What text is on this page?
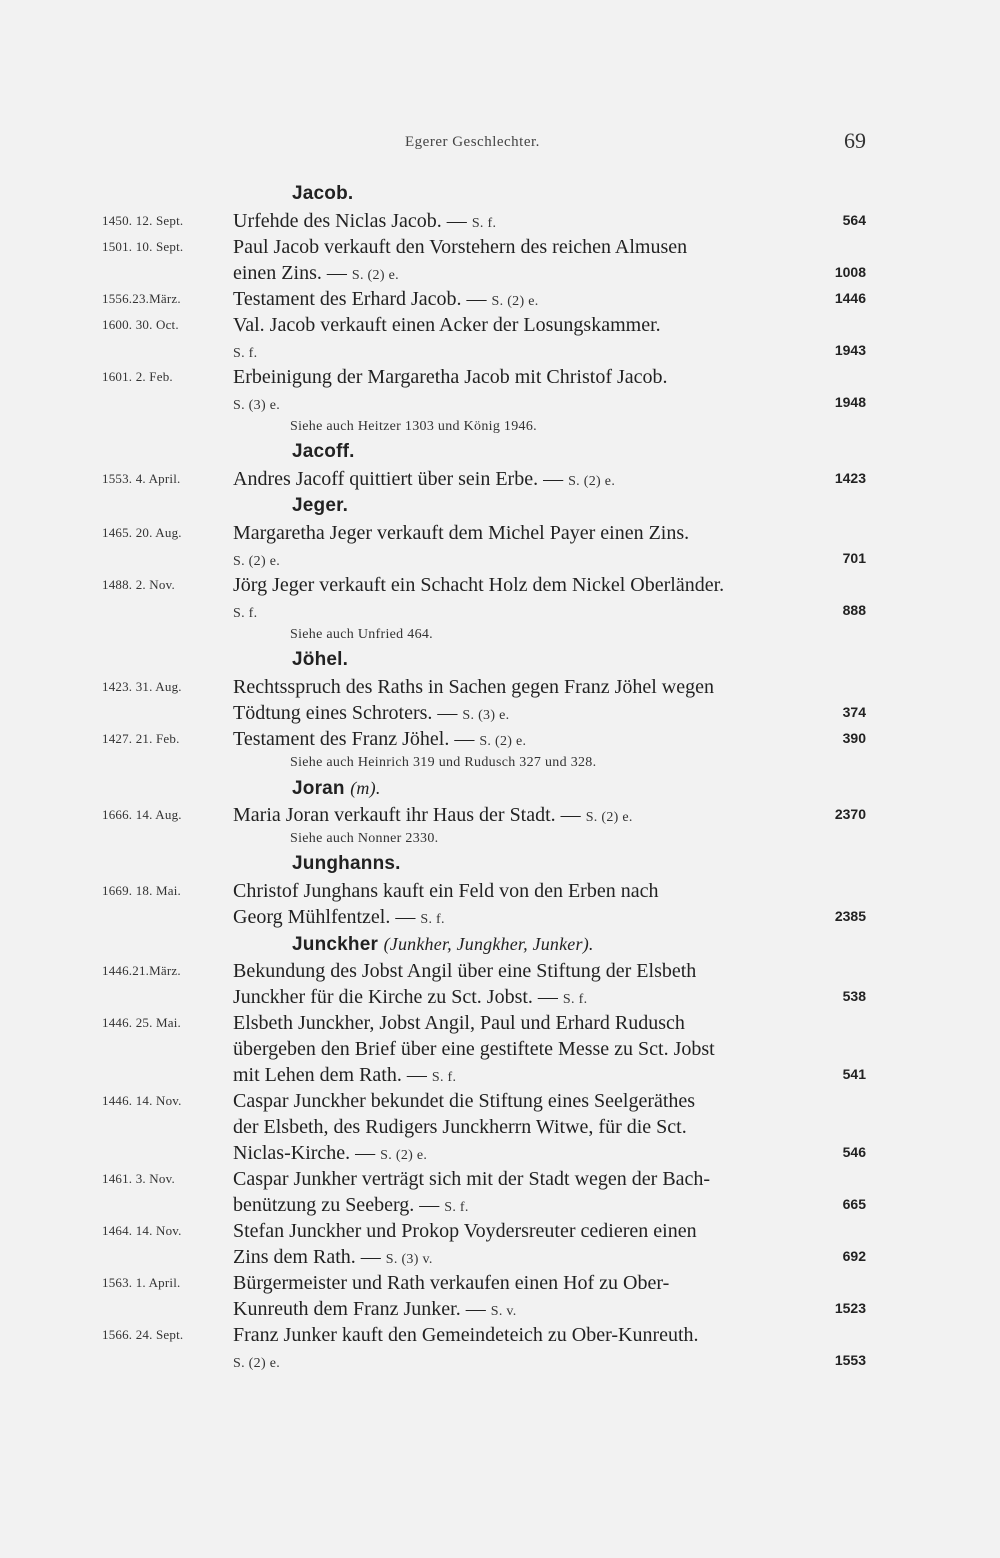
Egerer Geschlechter.	69
Jacob.
1450. 12. Sept.	Urfehde des Niclas Jacob. — S. f.	564
1501. 10. Sept.	Paul Jacob verkauft den Vorstehern des reichen Almusen
einen Zins. — S. (2) e.	1008
1556.23.März.	Testament des Erhard Jacob. — S. (2) e.	1446
1600. 30. Oct.	Val. Jacob verkauft einen Acker der Losungskammer.
S. f.	1943
1601. 2. Feb.	Erbeinigung der Margaretha Jacob mit Christof Jacob.
S. (3) e.	1948
Siehe auch Heitzer 1303 und König 1946.
Jacoff.
1553. 4. April.	Andres Jacoff quittiert über sein Erbe. — S. (2) e.	1423
Jeger.
1465. 20. Aug.	Margaretha Jeger verkauft dem Michel Payer einen Zins.
S. (2) e.	701
1488. 2. Nov.	Jörg Jeger verkauft ein Schacht Holz dem Nickel Oberländer.
S. f.	888
Siehe auch Unfried 464.
Jöhel.
1423. 31. Aug.	Rechtsspruch des Raths in Sachen gegen Franz Jöhel wegen
Tödtung eines Schroters. — S. (3) e.	374
1427. 21. Feb.	Testament des Franz Jöhel. — S. (2) e.	390
Siehe auch Heinrich 319 und Rudusch 327 und 328.
Joran (m).
1666. 14. Aug.	Maria Joran verkauft ihr Haus der Stadt. — S. (2) e.	2370
Siehe auch Nonner 2330.
Junghanns.
1669. 18. Mai.	Christof Junghans kauft ein Feld von den Erben nach
Georg Mühlfentzel. — S. f.	2385
Junckher (Junkher, Jungkher, Junker).
1446.21.März.	Bekundung des Jobst Angil über eine Stiftung der Elsbeth
Junckher für die Kirche zu Sct. Jobst. — S. f.	538
1446. 25. Mai.	Elsbeth Junckher, Jobst Angil, Paul und Erhard Rudusch
übergeben den Brief über eine gestiftete Messe zu Sct. Jobst
mit Lehen dem Rath. — S. f.	541
1446. 14. Nov.	Caspar Junckher bekundet die Stiftung eines Seelgeräthes
der Elsbeth, des Rudigers Junckherrn Witwe, für die Sct.
Niclas-Kirche. — S. (2) e.	546
1461. 3. Nov.	Caspar Junkher verträgt sich mit der Stadt wegen der Bach-
benützung zu Seeberg. — S. f.	665
1464. 14. Nov.	Stefan Junckher und Prokop Voydersreuter cedieren einen
Zins dem Rath. — S. (3) v.	692
1563. 1. April.	Bürgermeister und Rath verkaufen einen Hof zu Ober-
Kunreuth dem Franz Junker. — S. v.	1523
1566. 24. Sept.	Franz Junker kauft den Gemeindeteich zu Ober-Kunreuth.
S. (2) e.	1553
